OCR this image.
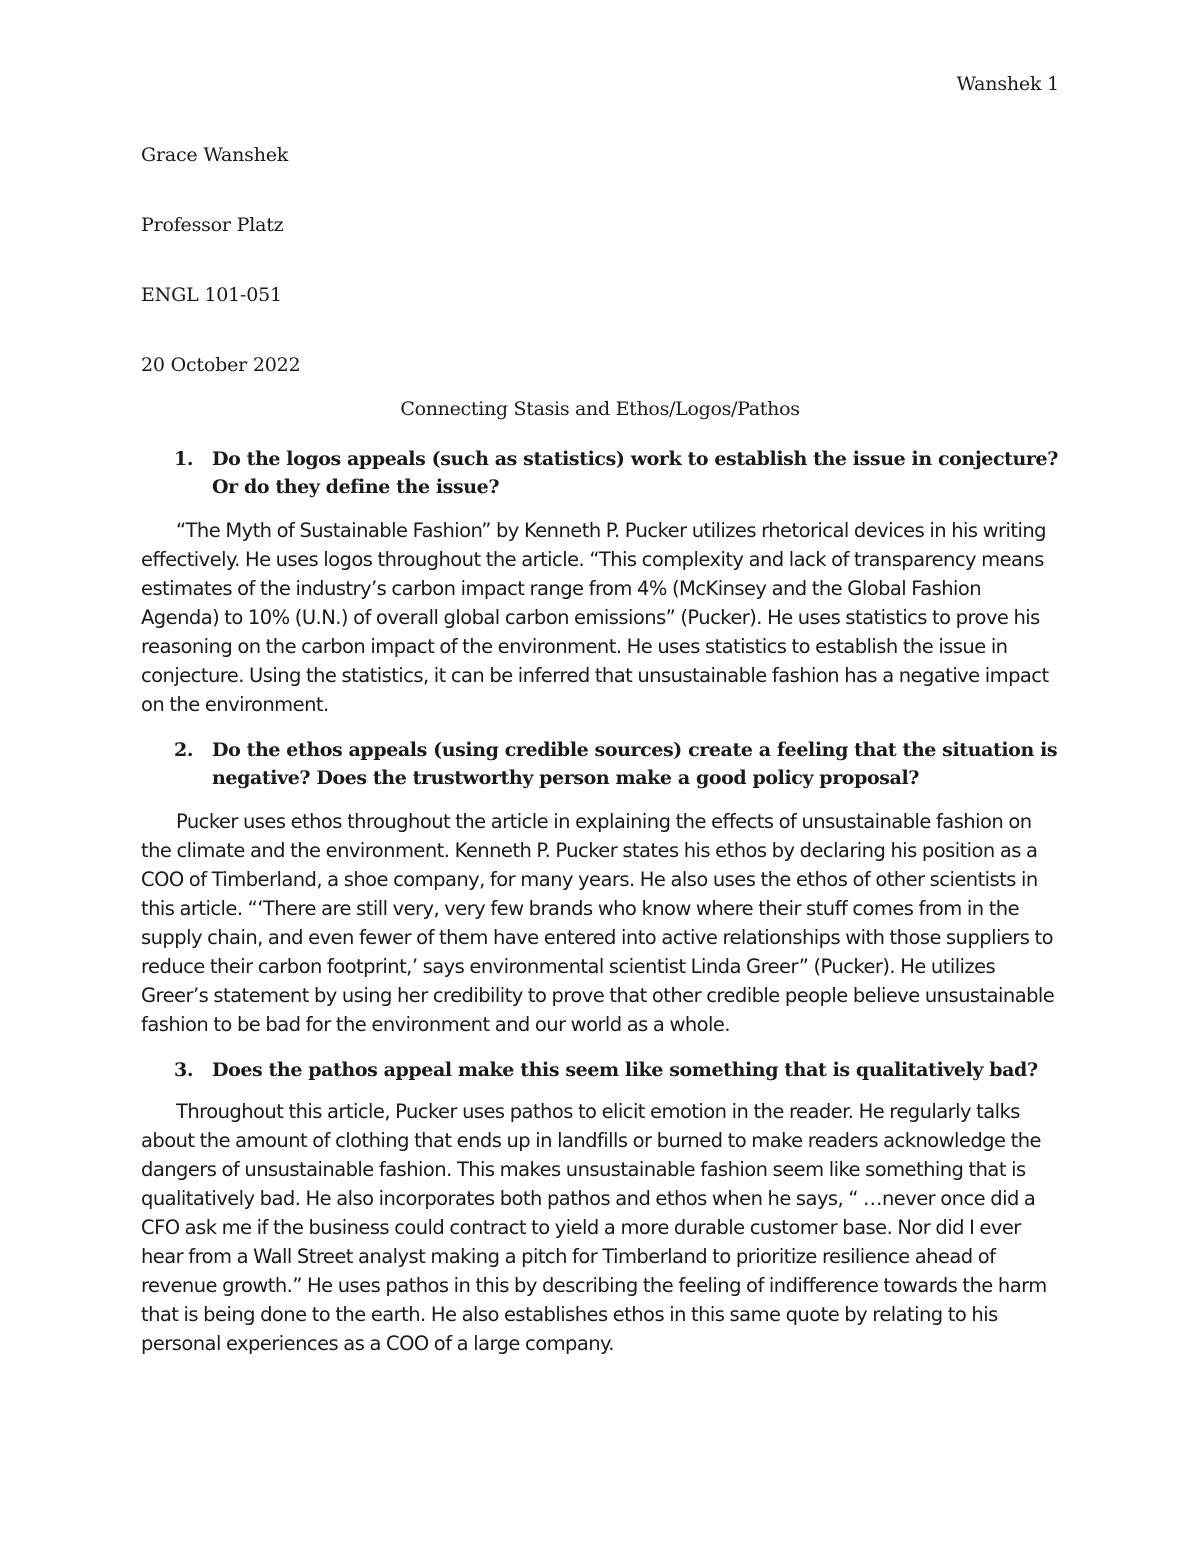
Wanshek 1
Grace Wanshek
Professor Platz
ENGL 101-051
20 October 2022
Connecting Stasis and Ethos/Logos/Pathos
1. Do the logos appeals (such as statistics) work to establish the issue in conjecture? Or do they define the issue?

“The Myth of Sustainable Fashion” by Kenneth P. Pucker utilizes rhetorical devices in his writing effectively. He uses logos throughout the article. “This complexity and lack of transparency means estimates of the industry’s carbon impact range from 4% (McKinsey and the Global Fashion Agenda) to 10% (U.N.) of overall global carbon emissions” (Pucker). He uses statistics to prove his reasoning on the carbon impact of the environment. He uses statistics to establish the issue in conjecture. Using the statistics, it can be inferred that unsustainable fashion has a negative impact on the environment.

2. Do the ethos appeals (using credible sources) create a feeling that the situation is negative? Does the trustworthy person make a good policy proposal?

Pucker uses ethos throughout the article in explaining the effects of unsustainable fashion on the climate and the environment. Kenneth P. Pucker states his ethos by declaring his position as a COO of Timberland, a shoe company, for many years. He also uses the ethos of other scientists in this article. “‘There are still very, very few brands who know where their stuff comes from in the supply chain, and even fewer of them have entered into active relationships with those suppliers to reduce their carbon footprint,’ says environmental scientist Linda Greer” (Pucker). He utilizes Greer’s statement by using her credibility to prove that other credible people believe unsustainable fashion to be bad for the environment and our world as a whole.

3. Does the pathos appeal make this seem like something that is qualitatively bad?

Throughout this article, Pucker uses pathos to elicit emotion in the reader. He regularly talks about the amount of clothing that ends up in landfills or burned to make readers acknowledge the dangers of unsustainable fashion. This makes unsustainable fashion seem like something that is qualitatively bad. He also incorporates both pathos and ethos when he says, “ …never once did a CFO ask me if the business could contract to yield a more durable customer base. Nor did I ever hear from a Wall Street analyst making a pitch for Timberland to prioritize resilience ahead of revenue growth.” He uses pathos in this by describing the feeling of indifference towards the harm that is being done to the earth. He also establishes ethos in this same quote by relating to his personal experiences as a COO of a large company.
